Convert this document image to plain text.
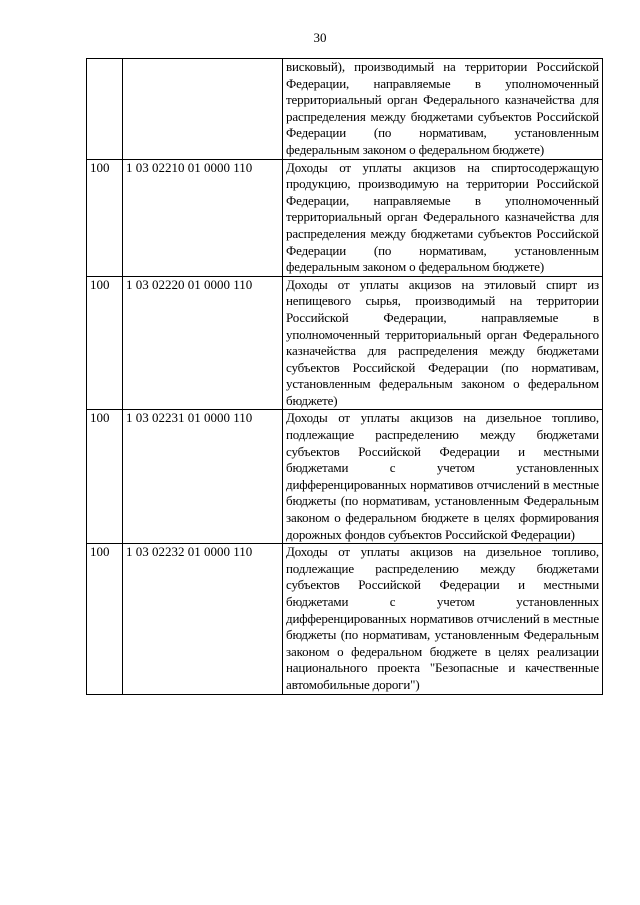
30
		висковый), производимый на территории Российской Федерации, направляемые в уполномоченный территориальный орган Федерального казначейства для распределения между бюджетами субъектов Российской Федерации (по нормативам, установленным федеральным законом о федеральном бюджете)
100	1 03 02210 01 0000 110	Доходы от уплаты акцизов на спиртосодержащую продукцию, производимую на территории Российской Федерации, направляемые в уполномоченный территориальный орган Федерального казначейства для распределения между бюджетами субъектов Российской Федерации (по нормативам, установленным федеральным законом о федеральном бюджете)
100	1 03 02220 01 0000 110	Доходы от уплаты акцизов на этиловый спирт из непищевого сырья, производимый на территории Российской Федерации, направляемые в уполномоченный территориальный орган Федерального казначейства для распределения между бюджетами субъектов Российской Федерации (по нормативам, установленным федеральным законом о федеральном бюджете)
100	1 03 02231 01 0000 110	Доходы от уплаты акцизов на дизельное топливо, подлежащие распределению между бюджетами субъектов Российской Федерации и местными бюджетами с учетом установленных дифференцированных нормативов отчислений в местные бюджеты (по нормативам, установленным Федеральным законом о федеральном бюджете в целях формирования дорожных фондов субъектов Российской Федерации)
100	1 03 02232 01 0000 110	Доходы от уплаты акцизов на дизельное топливо, подлежащие распределению между бюджетами субъектов Российской Федерации и местными бюджетами с учетом установленных дифференцированных нормативов отчислений в местные бюджеты (по нормативам, установленным Федеральным законом о федеральном бюджете в целях реализации национального проекта "Безопасные и качественные автомобильные дороги")
